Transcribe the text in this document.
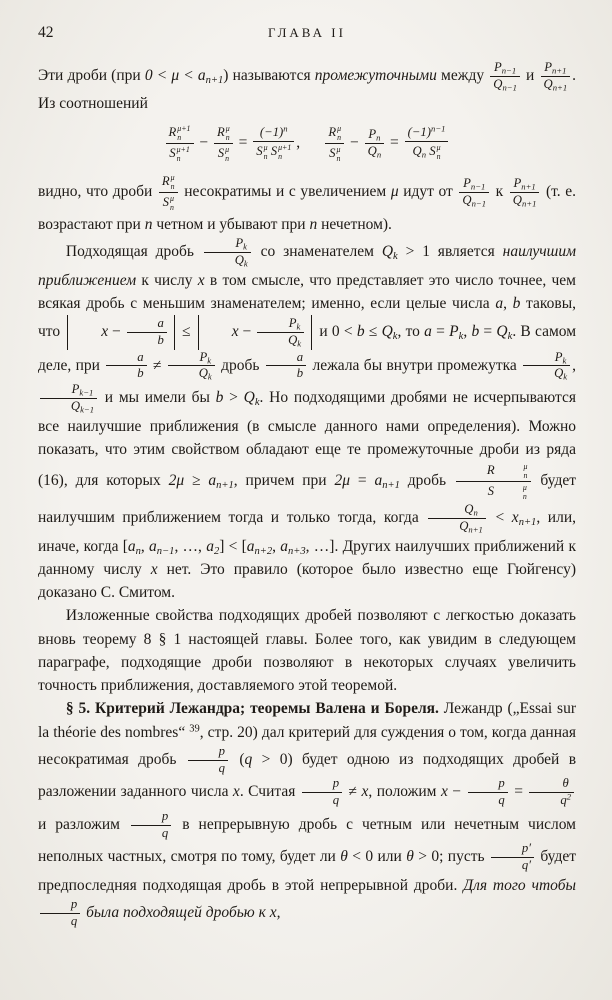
42	ГЛАВА II
Эти дроби (при $0 < \mu < a_{n+1}$) называются промежуточными между $\frac{P_{n-1}}{Q_{n-1}}$ и $\frac{P_{n+1}}{Q_{n+1}}$ . Из соотношений
R μ+1
n
S μ+1
n − R μ
n
S μ
$n = (-1)^n$
S μ
n S μ+1
n ,   R μ
n
S μ
$n - \frac{P_n}{Q_n} = (-1)^{n-1}$
$Q_n$ S μ
n
видно, что дроби R μ
n
S μ
n несократимы и с увеличением μ идут от $\frac{P_{n-1}}{Q_{n-1}}$ к $\frac{P_{n+1}}{Q_{n+1}} (т$. е. возрастают при n четном и убывают при n нечетном).
Подходящая дробь $\frac{P_k}{Q_k}$ со знаменателем $Q_k > 1$ является наилучшим приближением к числу x в том смысле, что представляет это число точнее, чем всякая дробь с меньшим знаменателем; именно, если целые числа a, b таковы, что $x - \frac{a}{b} \le x - \frac{P_k}{Q_k}$ и $0 < b \le Q_k$, то $a = P_k$, $b = Q_k$. В самом деле, при $\frac{a}{b} \ne \frac{P_k}{Q_k}$ дробь $\frac{a}{b}$ лежала бы внутри промежутка $\frac{P_k}{Q_k}$ ,
$\frac{P_{k-1}}{Q_{k-1}}$ и мы имели бы $b > Q_k$. Но подходящими дробями не исчерпываются все наилучшие приближения (в смысле данного нами определения). Можно показать, что этим свойством обладают еще те промежуточные дроби из ряда (16), для которых $2\mu \ge a_{n+1}$, причем при $2\mu = a_{n+1}$ дробь R	μ
n
S	μ
n будет наилучшим приближением тогда и только тогда, когда $\frac{Q_n}{Q_{n+1}} < x_{n+1}$, или, иначе, когда [$a_n$, $a_{n-1}$, …, $a_2] < [a_{n+2}$, $a_{n+3}$, …]. Других наилучших приближений к данному числу x нет. Это правило (которое было известно еще Гюйгенсу) доказано С. Смитом.
Изложенные свойства подходящих дробей позволяют с легкостью доказать вновь теорему 8 § 1 настоящей главы. Более того, как увидим в следующем параграфе, подходящие дроби позволяют в некоторых случаях увеличить точность приближения, доставляемого этой теоремой.
§ 5. Критерий Лежандра; теоремы Валена и Бореля. Лежандр („Essai sur la théorie des nombres“ $^{39}$, стр. 20) дал критерий для суждения о том, когда данная несократимая дробь $\frac{p}{q} (q > 0)$ будет одною из подходящих дробей в разложении заданного числа x. Считая $\frac{p}{q} \ne x$, положим $x - \frac{p}{q} = \frac{\theta}{q^2}$
и разложим $\frac{p}{q}$ в непрерывную дробь с четным или нечетным числом неполных частных, смотря по тому, будет ли θ < 0 или θ > 0; пусть $\frac{p'}{q'}$ будет предпоследняя подходящая дробь в этой непрерывной дроби. Для того чтобы
$\frac{p}{q}$ была подходящей дробью к x,
